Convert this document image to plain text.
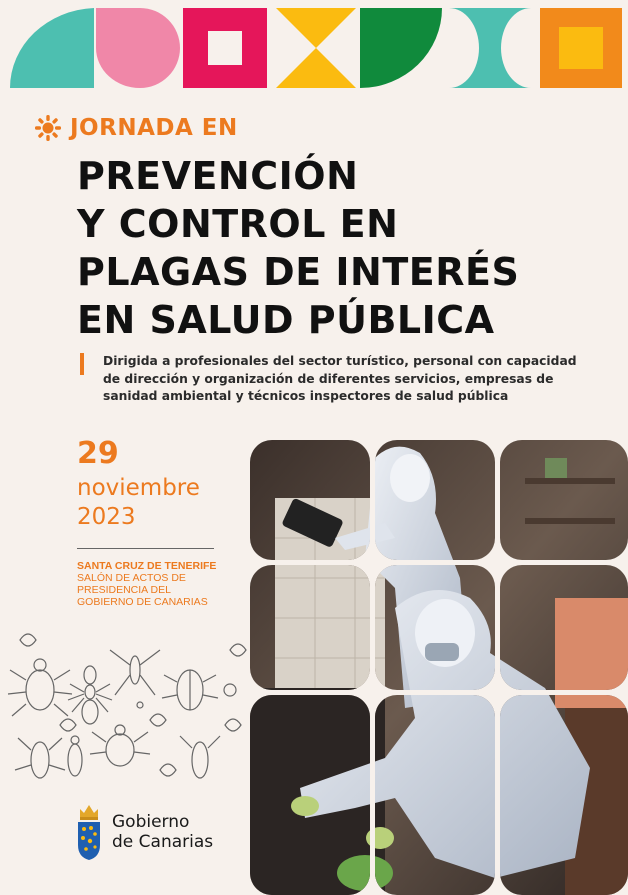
JORNADA EN
PREVENCIÓN
Y CONTROL EN
PLAGAS DE INTERÉS
EN SALUD PÚBLICA
Dirigida a profesionales del sector turístico, personal con capacidad
de dirección y organización de diferentes servicios, empresas de
sanidad ambiental y técnicos inspectores de salud pública
29
noviembre
2023
SANTA CRUZ DE TENERIFE
SALÓN DE ACTOS DE
PRESIDENCIA DEL
GOBIERNO DE CANARIAS
Gobierno
de Canarias
